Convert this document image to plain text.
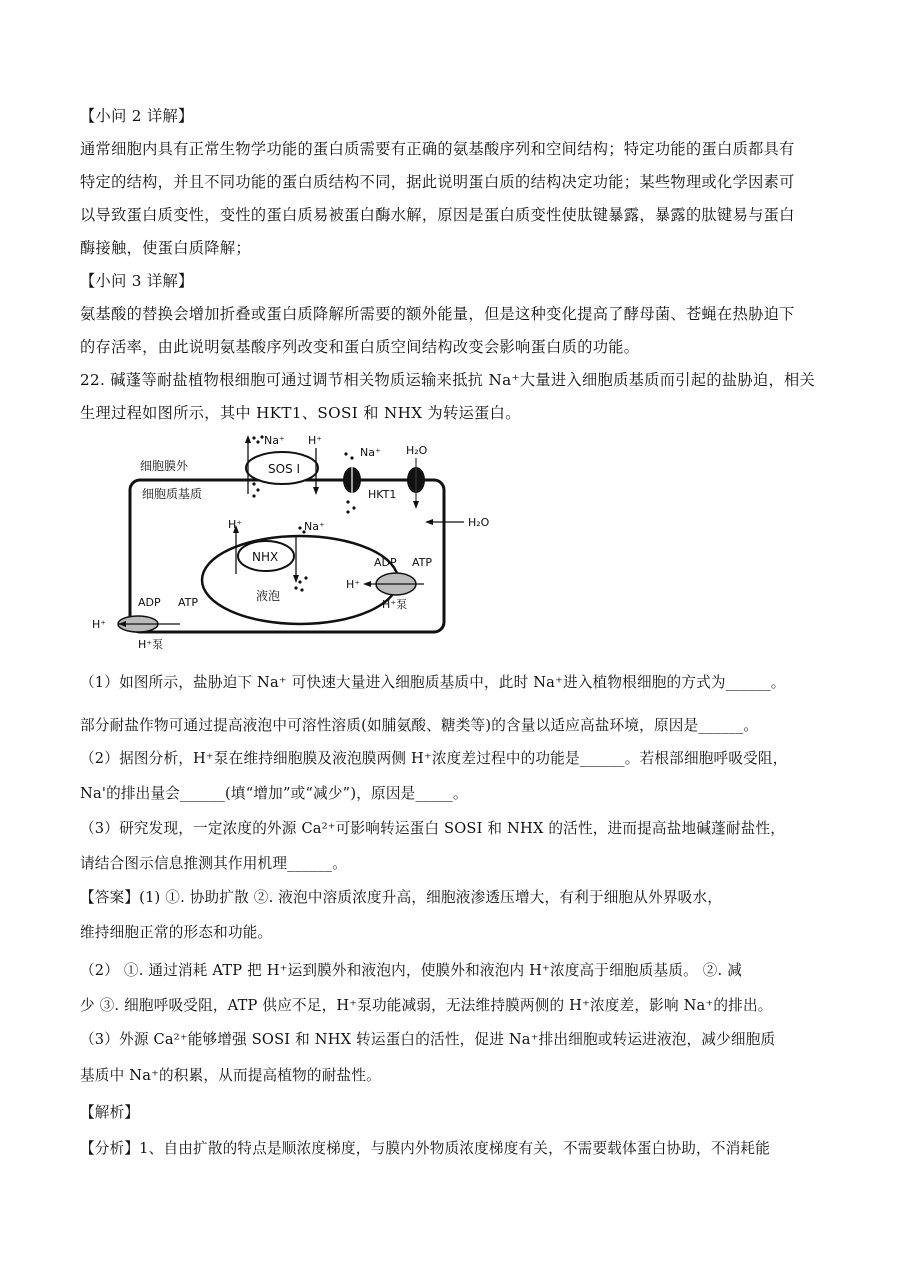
【小问 2 详解】
通常细胞内具有正常生物学功能的蛋白质需要有正确的氨基酸序列和空间结构；特定功能的蛋白质都具有
特定的结构，并且不同功能的蛋白质结构不同，据此说明蛋白质的结构决定功能；某些物理或化学因素可
以导致蛋白质变性，变性的蛋白质易被蛋白酶水解，原因是蛋白质变性使肽键暴露，暴露的肽键易与蛋白
酶接触，使蛋白质降解；
【小问 3 详解】
氨基酸的替换会增加折叠或蛋白质降解所需要的额外能量，但是这种变化提高了酵母菌、苍蝇在热胁迫下
的存活率，由此说明氨基酸序列改变和蛋白质空间结构改变会影响蛋白质的功能。
22. 碱蓬等耐盐植物根细胞可通过调节相关物质运输来抵抗 Na⁺大量进入细胞质基质而引起的盐胁迫，相关
生理过程如图所示，其中 HKT1、SOSI 和 NHX 为转运蛋白。
细胞膜外
细胞质基质
SOS I
Na⁺ H⁺
Na⁺
HKT1
H₂O
H₂O
液泡
NHX
H⁺	Na⁺
H⁺
ADP ATP
H⁺泵
H⁺
ADP ATP
H⁺泵
（1）如图所示，盐胁迫下 Na⁺ 可快速大量进入细胞质基质中，此时 Na⁺进入植物根细胞的方式为______。
部分耐盐作物可通过提高液泡中可溶性溶质(如脯氨酸、糖类等)的含量以适应高盐环境，原因是______。
（2）据图分析，H⁺泵在维持细胞膜及液泡膜两侧 H⁺浓度差过程中的功能是______。若根部细胞呼吸受阻，
Na'的排出量会______(填“增加”或“减少”)，原因是_____。
（3）研究发现，一定浓度的外源 Ca²⁺可影响转运蛋白 SOSI 和 NHX 的活性，进而提高盐地碱蓬耐盐性，
请结合图示信息推测其作用机理______。
【答案】(1) ①. 协助扩散 ②. 液泡中溶质浓度升高，细胞液渗透压增大，有利于细胞从外界吸水，
维持细胞正常的形态和功能。
（2） ①. 通过消耗 ATP 把 H⁺运到膜外和液泡内，使膜外和液泡内 H⁺浓度高于细胞质基质。 ②. 减
少 ③. 细胞呼吸受阻，ATP 供应不足，H⁺泵功能减弱，无法维持膜两侧的 H⁺浓度差，影响 Na⁺的排出。
（3）外源 Ca²⁺能够增强 SOSI 和 NHX 转运蛋白的活性，促进 Na⁺排出细胞或转运进液泡，减少细胞质
基质中 Na⁺的积累，从而提高植物的耐盐性。
【解析】
【分析】1、自由扩散的特点是顺浓度梯度，与膜内外物质浓度梯度有关，不需要载体蛋白协助，不消耗能
